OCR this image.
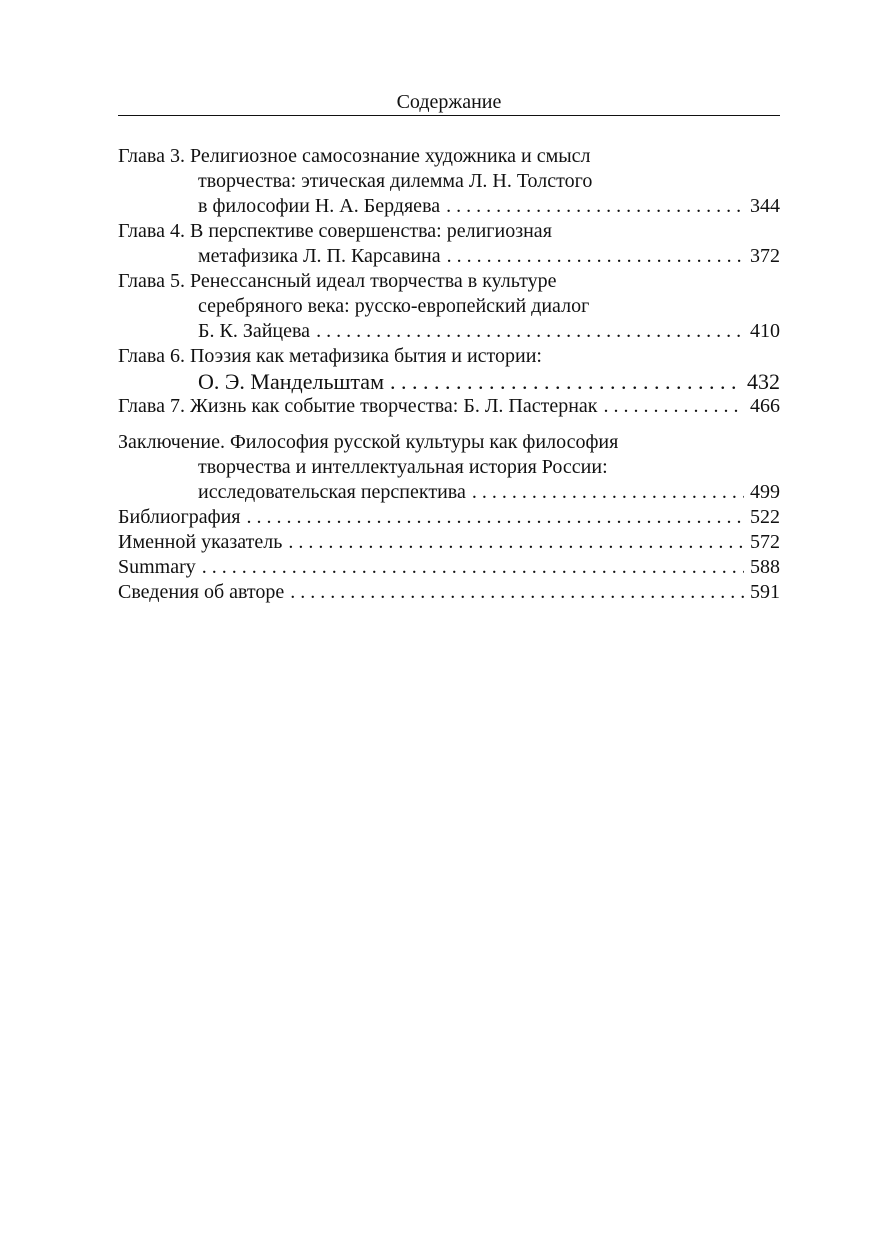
Содержание
Глава 3. Религиозное самосознание художника и смысл
творчества: этическая дилемма Л. Н. Толстого
в философии Н. А. Бердяева . . .	344
Глава 4. В перспективе совершенства: религиозная
метафизика Л. П. Карсавина . . .	372
Глава 5. Ренессансный идеал творчества в культуре
серебряного века: русско-европейский диалог
Б. К. Зайцева . . .	410
Глава 6. Поэзия как метафизика бытия и истории:
О. Э. Мандельштам . . .	432
Глава 7. Жизнь как событие творчества: Б. Л. Пастернак . . .	466
Заключение. Философия русской культуры как философия
творчества и интеллектуальная история России:
исследовательская перспектива . . .	499
Библиография . . .	522
Именной указатель . . .	572
Summary . . .	588
Сведения об авторе . . .	591
